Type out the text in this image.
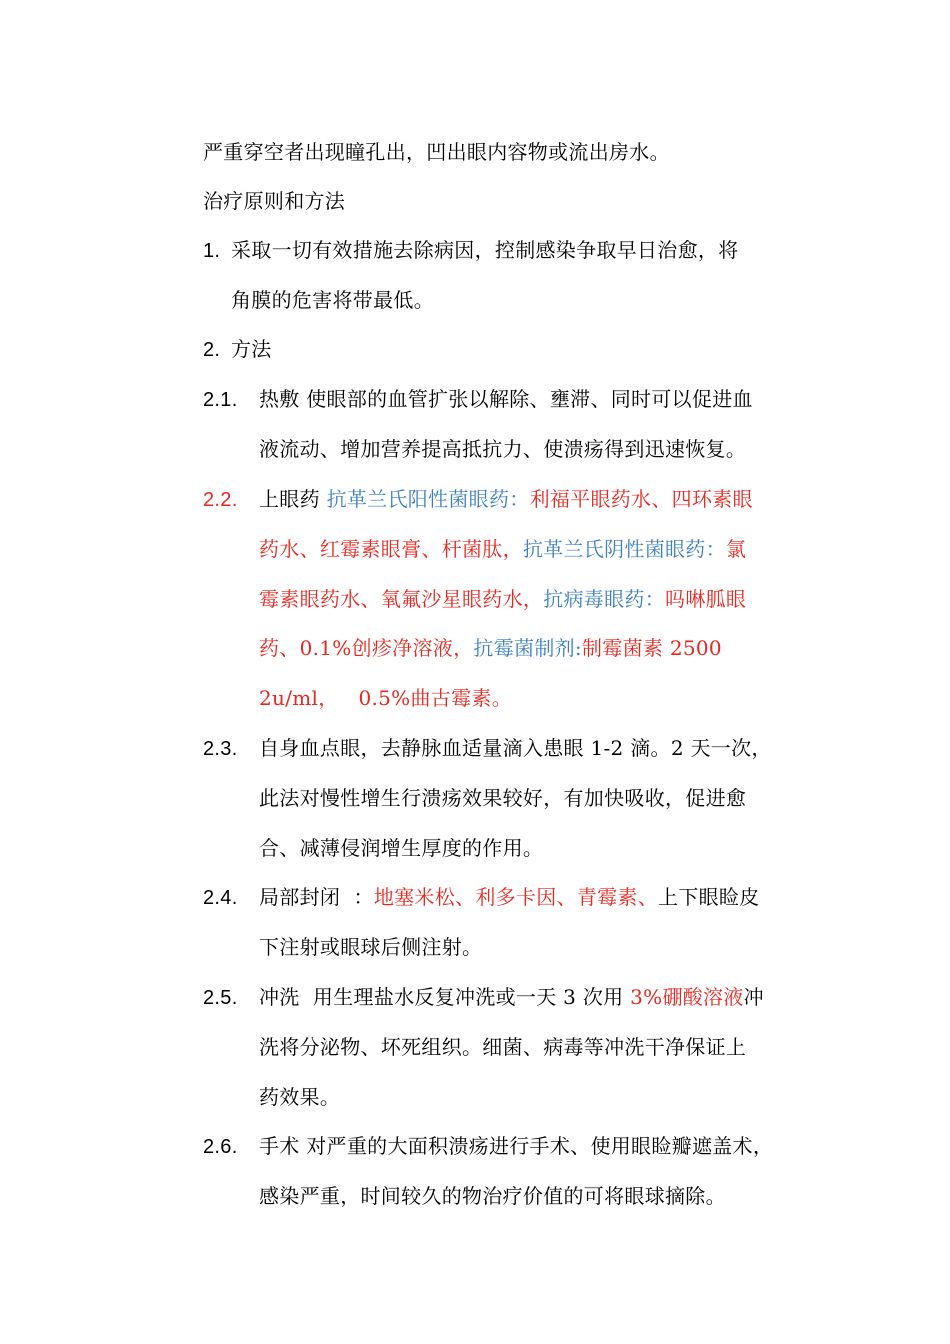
严重穿空者出现瞳孔出，凹出眼内容物或流出房水。
治疗原则和方法
1. 采取一切有效措施去除病因，控制感染争取早日治愈，将
角膜的危害将带最低。
2. 方法
2.1. 热敷 使眼部的血管扩张以解除、壅滞、同时可以促进血
液流动、增加营养提高抵抗力、使溃疡得到迅速恢复。
2.2. 上眼药 抗革兰氏阳性菌眼药：利福平眼药水、四环素眼
药水、红霉素眼膏、杆菌肽，抗革兰氏阴性菌眼药：氯
霉素眼药水、氧氟沙星眼药水，抗病毒眼药：吗啉胍眼
药、0.1%创疹净溶液，抗霉菌制剂:制霉菌素 2500
2u/ml，   0.5%曲古霉素。
2.3. 自身血点眼，去静脉血适量滴入患眼 1-2 滴。2 天一次，
此法对慢性增生行溃疡效果较好，有加快吸收，促进愈
合、减薄侵润增生厚度的作用。
2.4. 局部封闭  ：地塞米松、利多卡因、青霉素、上下眼睑皮
下注射或眼球后侧注射。
2.5. 冲洗  用生理盐水反复冲洗或一天 3 次用 3%硼酸溶液冲
洗将分泌物、坏死组织。细菌、病毒等冲洗干净保证上
药效果。
2.6. 手术 对严重的大面积溃疡进行手术、使用眼睑瓣遮盖术，
感染严重，时间较久的物治疗价值的可将眼球摘除。
